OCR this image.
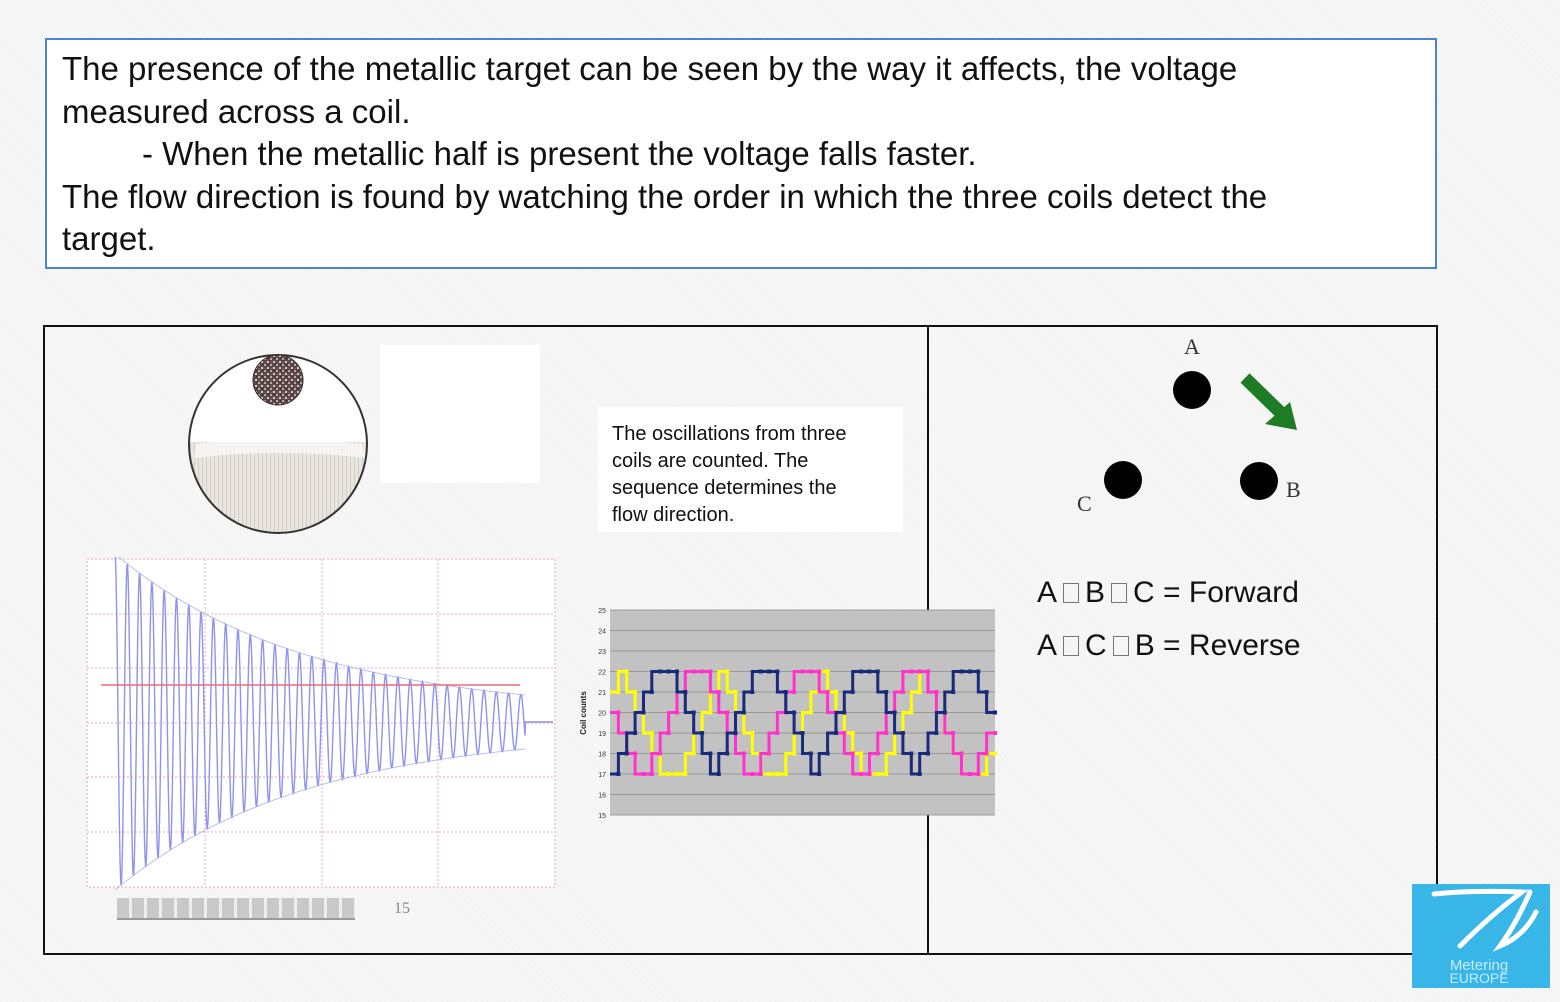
The presence of the metallic target can be seen by the way it affects, the voltage
measured across a coil.
- When the metallic half is present the voltage falls faster.
The flow direction is found by watching the order in which the three coils detect the
target.
15
The oscillations from three
coils are counted. The
sequence determines the
flow direction.
15
16
17
18
19
20
21
22
23
24
25
Coil counts
A
B
C
A B C = Forward
A C B = Reverse
Metering
EUROPE
